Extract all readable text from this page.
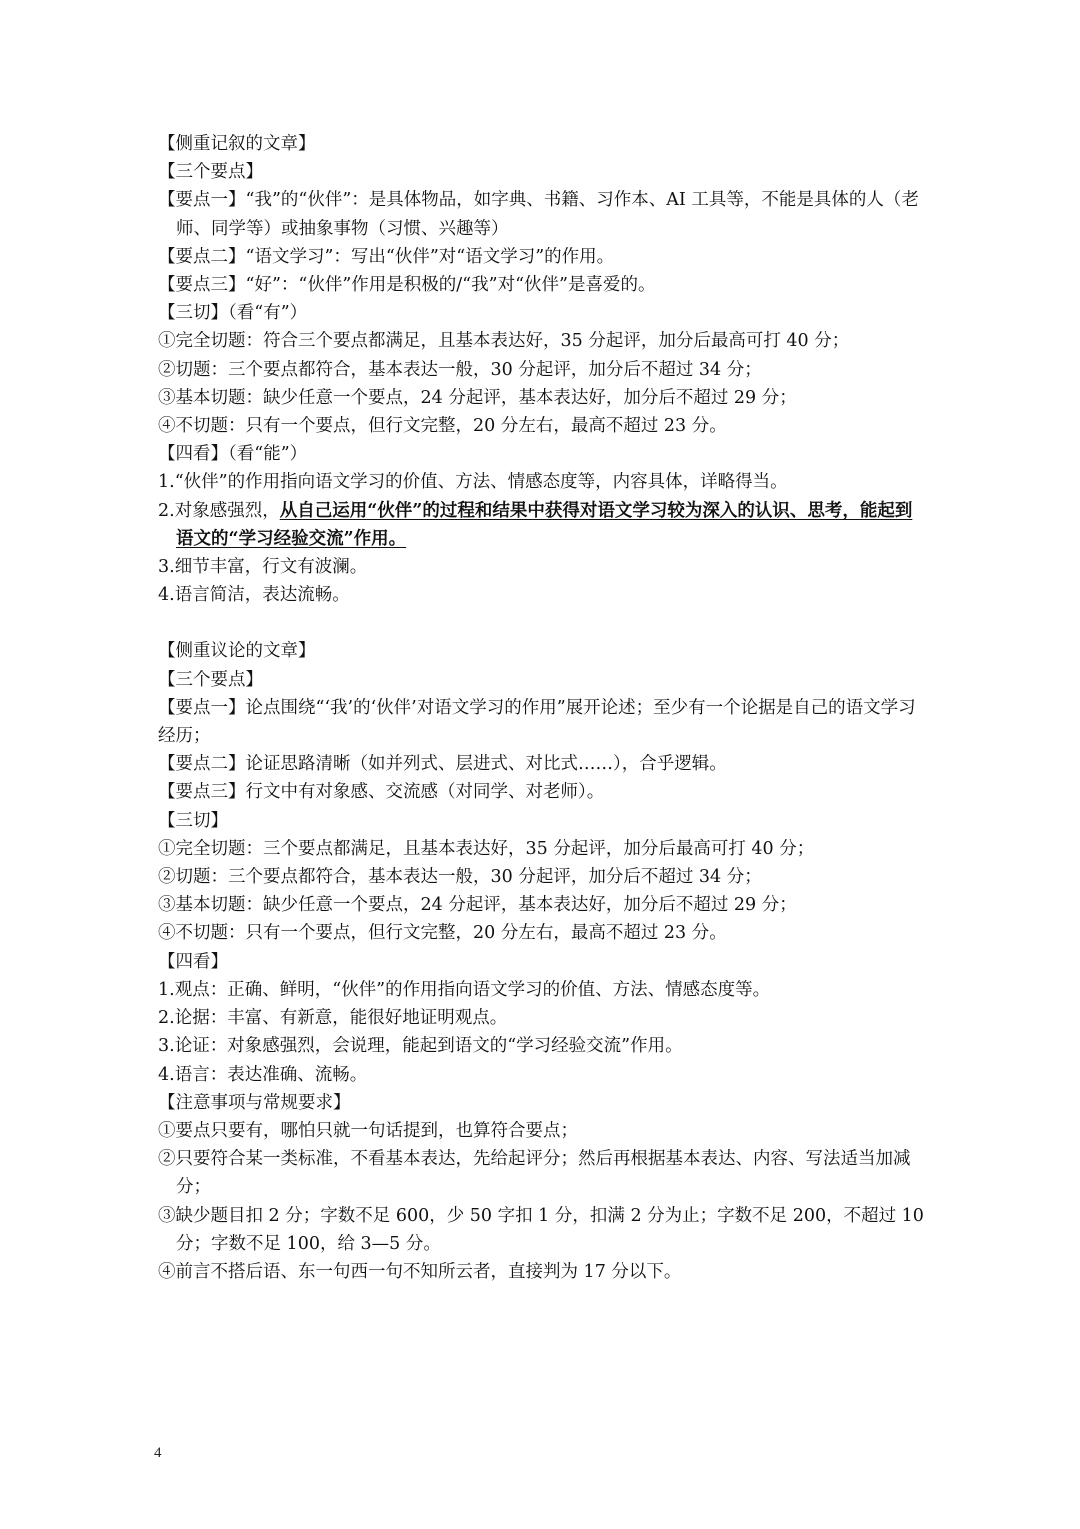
【侧重记叙的文章】

【三个要点】

【要点一】“我”的“伙伴”：是具体物品，如字典、书籍、习作本、AI 工具等，不能是具体的人（老师、同学等）或抽象事物（习惯、兴趣等）

【要点二】“语文学习”：写出“伙伴”对“语文学习”的作用。

【要点三】“好”：“伙伴”作用是积极的/“我”对“伙伴”是喜爱的。

【三切】（看“有”）

①完全切题：符合三个要点都满足，且基本表达好，35 分起评，加分后最高可打 40 分；

②切题：三个要点都符合，基本表达一般，30 分起评，加分后不超过 34 分；

③基本切题：缺少任意一个要点，24 分起评，基本表达好，加分后不超过 29 分；

④不切题：只有一个要点，但行文完整，20 分左右，最高不超过 23 分。

【四看】（看“能”）

1.“伙伴”的作用指向语文学习的价值、方法、情感态度等，内容具体，详略得当。

2.对象感强烈，从自己运用“伙伴”的过程和结果中获得对语文学习较为深入的认识、思考，能起到语文的“学习经验交流”作用。

3.细节丰富，行文有波澜。

4.语言简洁，表达流畅。

【侧重议论的文章】

【三个要点】

【要点一】论点围绕“‘我’的‘伙伴’对语文学习的作用”展开论述；至少有一个论据是自己的语文学习经历；

【要点二】论证思路清晰（如并列式、层进式、对比式……），合乎逻辑。

【要点三】行文中有对象感、交流感（对同学、对老师）。

【三切】

①完全切题：三个要点都满足，且基本表达好，35 分起评，加分后最高可打 40 分；

②切题：三个要点都符合，基本表达一般，30 分起评，加分后不超过 34 分；

③基本切题：缺少任意一个要点，24 分起评，基本表达好，加分后不超过 29 分；

④不切题：只有一个要点，但行文完整，20 分左右，最高不超过 23 分。

【四看】

1.观点：正确、鲜明，“伙伴”的作用指向语文学习的价值、方法、情感态度等。

2.论据：丰富、有新意，能很好地证明观点。

3.论证：对象感强烈，会说理，能起到语文的“学习经验交流”作用。

4.语言：表达准确、流畅。

【注意事项与常规要求】

①要点只要有，哪怕只就一句话提到，也算符合要点；

②只要符合某一类标准，不看基本表达，先给起评分；然后再根据基本表达、内容、写法适当加减分；

③缺少题目扣 2 分；字数不足 600，少 50 字扣 1 分，扣满 2 分为止；字数不足 200，不超过 10 分；字数不足 100，给 3—5 分。

④前言不搭后语、东一句西一句不知所云者，直接判为 17 分以下。

4
